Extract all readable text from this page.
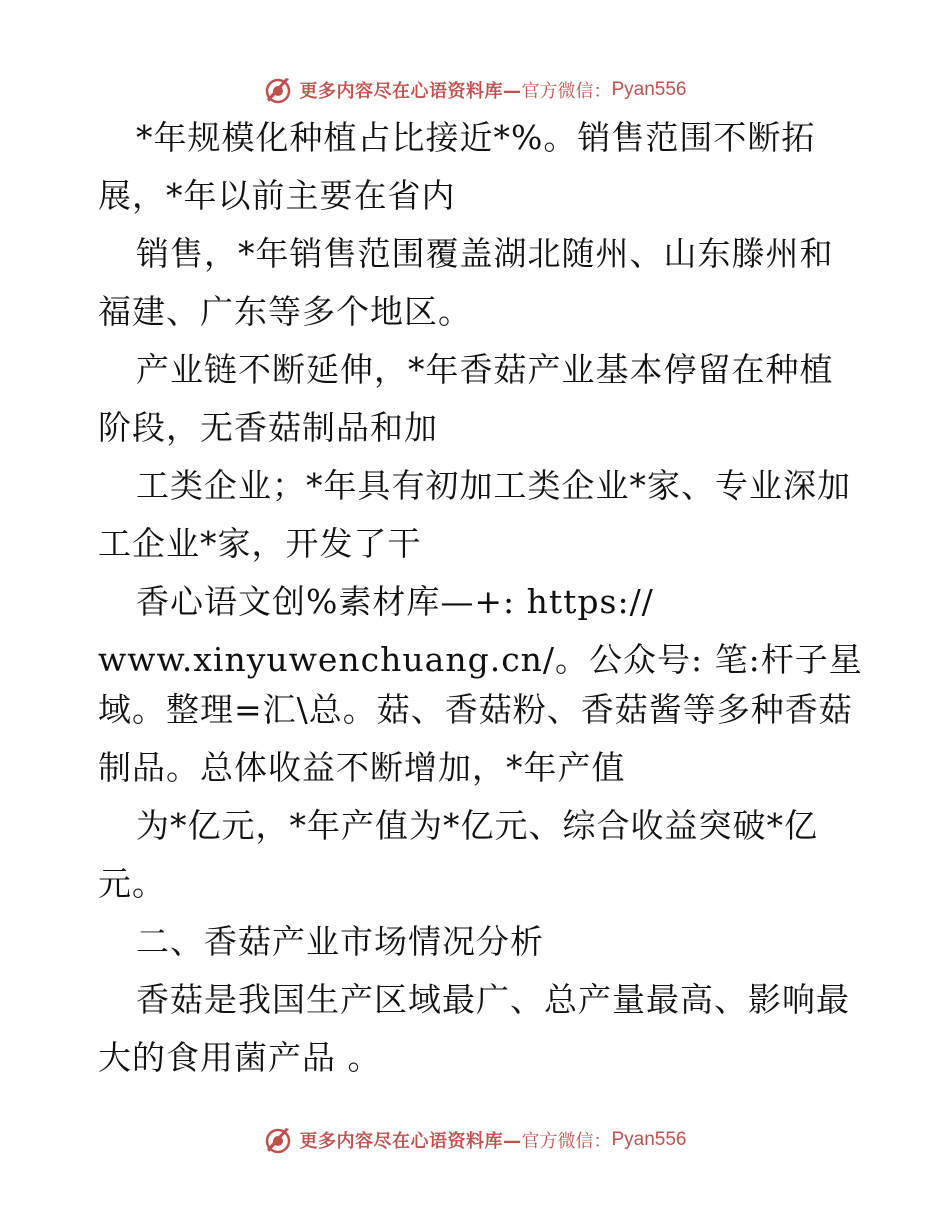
更多内容尽在心语资料库— 官方微信： Pyan556
*年规模化种植占比接近*%。销售范围不断拓
展，*年以前主要在省内
销售，*年销售范围覆盖湖北随州、山东滕州和
福建、广东等多个地区。
产业链不断延伸，*年香菇产业基本停留在种植
阶段，无香菇制品和加
工类企业；*年具有初加工类企业*家、专业深加
工企业*家，开发了干
香心语文创%素材库—+: https://
www.xinyuwenchuang.cn/。公众号: 笔:杆子星
域。整理=汇\总。菇、香菇粉、香菇酱等多种香菇
制品。总体收益不断增加，*年产值
为*亿元，*年产值为*亿元、综合收益突破*亿
元。
二、香菇产业市场情况分析
香菇是我国生产区域最广、总产量最高、影响最
大的食用菌产品 。
更多内容尽在心语资料库— 官方微信： Pyan556
